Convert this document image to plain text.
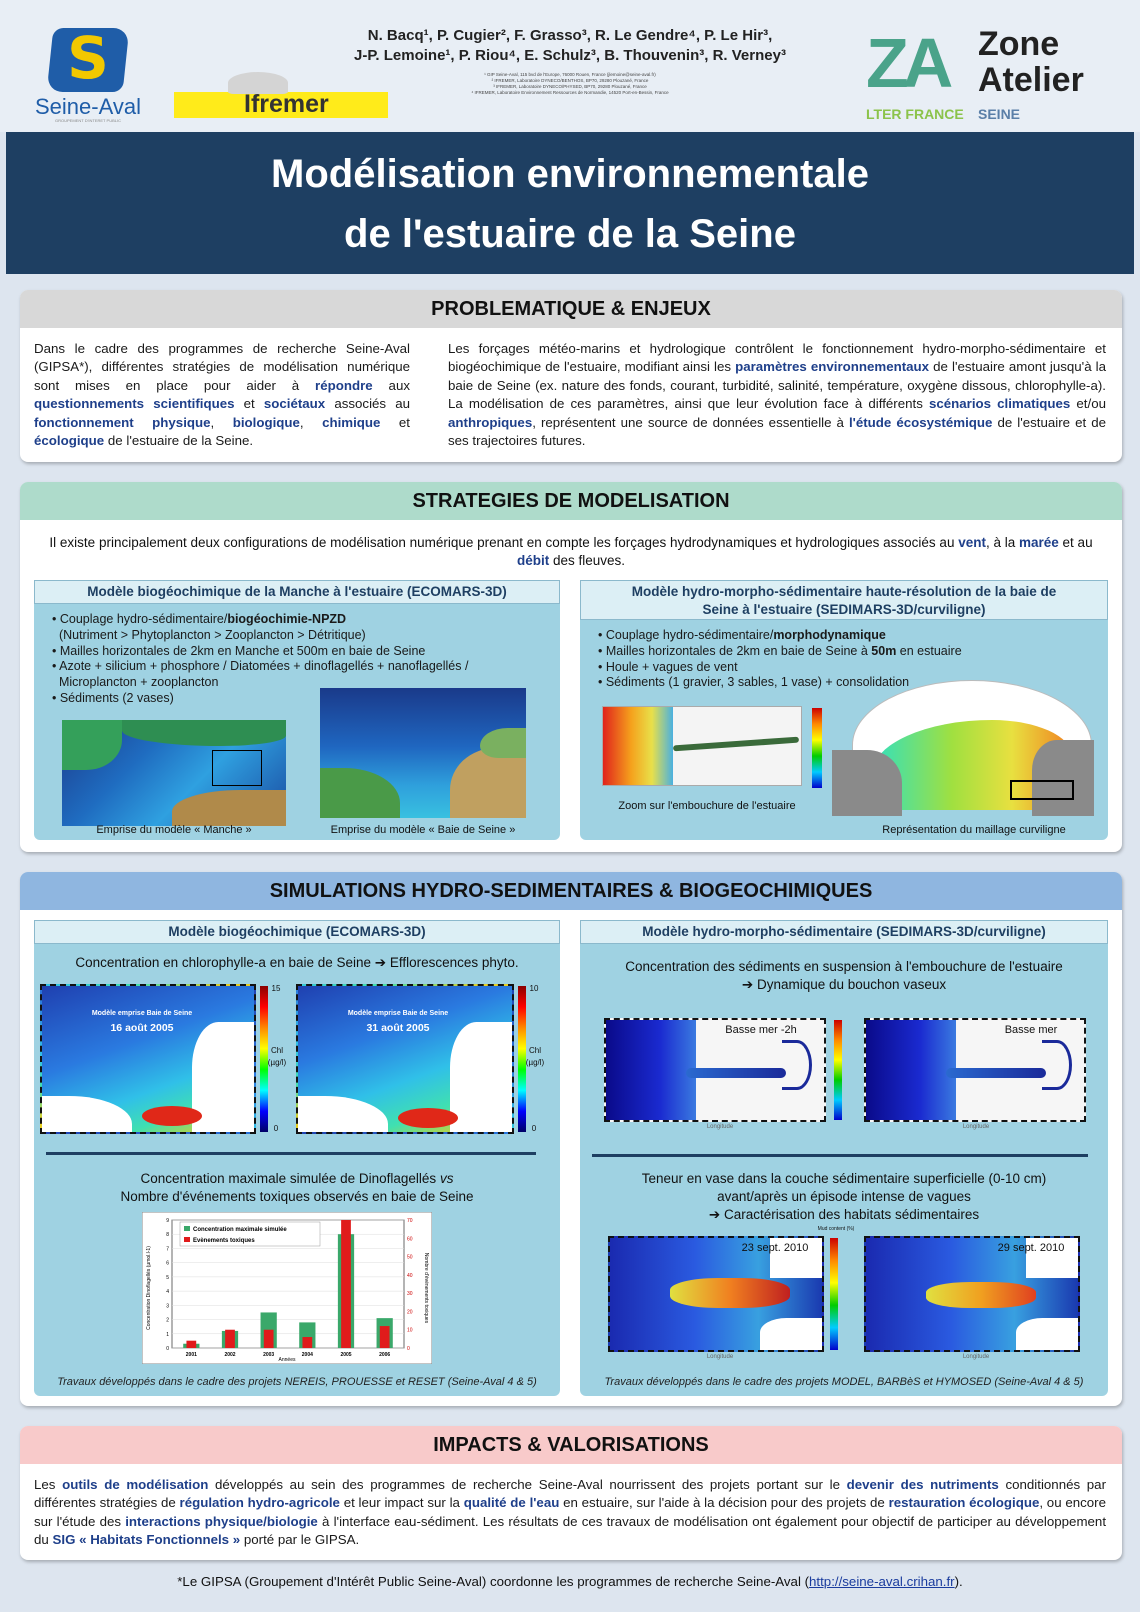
S
Seine-Aval
GROUPEMENT D'INTERET PUBLIC
Ifremer
N. Bacq¹, P. Cugier², F. Grasso³, R. Le Gendre⁴, P. Le Hir³,
J-P. Lemoine¹, P. Riou⁴, E. Schulz³, B. Thouvenin³, R. Verney³
¹ GIP Seine-Aval, 115 bvd de l'Europe, 76000 Rouen, France (jlemoine@seine-aval.fr)
² IFREMER, Laboratoire DYNECO/BENTHOS, BP70, 29280 Plouzané, France
³ IFREMER, Laboratoire DYNECO/PHYSED, BP70, 29280 Plouzané, France
⁴ IFREMER, Laboratoire Environnement Ressources de Normandie, 14520 Port-en-Bessin, France	ZA Zone
Atelier
LTER FRANCE SEINE
Modélisation environnementale
de l'estuaire de la Seine
PROBLEMATIQUE & ENJEUX
Dans le cadre des programmes de recherche Seine-Aval (GIPSA*), différentes stratégies de modélisation numérique sont mises en place pour aider à répondre aux questionnements scientifiques et sociétaux associés au fonctionnement physique, biologique, chimique et écologique de l'estuaire de la Seine.
Les forçages météo-marins et hydrologique contrôlent le fonctionnement hydro-morpho-sédimentaire et biogéochimique de l'estuaire, modifiant ainsi les paramètres environnementaux de l'estuaire amont jusqu'à la baie de Seine (ex. nature des fonds, courant, turbidité, salinité, température, oxygène dissous, chlorophylle-a). La modélisation de ces paramètres, ainsi que leur évolution face à différents scénarios climatiques et/ou anthropiques, représentent une source de données essentielle à l'étude écosystémique de l'estuaire et de ses trajectoires futures.
STRATEGIES DE MODELISATION
Il existe principalement deux configurations de modélisation numérique prenant en compte les forçages hydrodynamiques et hydrologiques associés au vent, à la marée et au débit des fleuves.
Modèle biogéochimique de la Manche à l'estuaire (ECOMARS-3D)
• Couplage hydro-sédimentaire/biogéochimie-NPZD
(Nutriment > Phytoplancton > Zooplancton > Détritique)
• Mailles horizontales de 2km en Manche et 500m en baie de Seine
• Azote + silicium + phosphore / Diatomées + dinoflagellés + nanoflagellés /
Microplancton + zooplancton
• Sédiments (2 vases)
Emprise du modèle « Manche »	Emprise du modèle « Baie de Seine »
Modèle hydro-morpho-sédimentaire haute-résolution de la baie de
Seine à l'estuaire (SEDIMARS-3D/curviligne)
• Couplage hydro-sédimentaire/morphodynamique
• Mailles horizontales de 2km en baie de Seine à 50m en estuaire
• Houle + vagues de vent
• Sédiments (1 gravier, 3 sables, 1 vase) + consolidation
Zoom sur l'embouchure de l'estuaire
Représentation du maillage curviligne
SIMULATIONS HYDRO-SEDIMENTAIRES & BIOGEOCHIMIQUES
Modèle biogéochimique (ECOMARS-3D)
Concentration en chlorophylle-a en baie de Seine ➔ Efflorescences phyto.
Modèle emprise Baie de Seine
16 août 2005
15
Chl
(µg/l)
0
Modèle emprise Baie de Seine
31 août 2005
10
Chl
(µg/l)
0
Concentration maximale simulée de Dinoflagellés vs
Nombre d'événements toxiques observés en baie de Seine
0
1
2
3
4
5
6
7
8
9
0
10
20
30
40
50
60
70
2001	2002	2003	2004	2005	2006
Concentration maximale simulée
Evènements toxiques
Années
Concentration Dinoflagellés (µmol.l-1)	Nombre d'événements toxiques
Travaux développés dans le cadre des projets NEREIS, PROUESSE et RESET (Seine-Aval 4 & 5)
Modèle hydro-morpho-sédimentaire (SEDIMARS-3D/curviligne)
Concentration des sédiments en suspension à l'embouchure de l'estuaire
➔ Dynamique du bouchon vaseux
Basse mer -2h	Basse mer
Longitude	Longitude
Teneur en vase dans la couche sédimentaire superficielle (0-10 cm)
avant/après un épisode intense de vagues
➔ Caractérisation des habitats sédimentaires
Mud content (%)
23 sept. 2010	29 sept. 2010
Longitude	Longitude
Travaux développés dans le cadre des projets MODEL, BARBèS et HYMOSED (Seine-Aval 4 & 5)
IMPACTS & VALORISATIONS
Les outils de modélisation développés au sein des programmes de recherche Seine-Aval nourrissent des projets portant sur le devenir des nutriments conditionnés par différentes stratégies de régulation hydro-agricole et leur impact sur la qualité de l'eau en estuaire, sur l'aide à la décision pour des projets de restauration écologique, ou encore sur l'étude des interactions physique/biologie à l'interface eau-sédiment. Les résultats de ces travaux de modélisation ont également pour objectif de participer au développement du SIG « Habitats Fonctionnels » porté par le GIPSA.
*Le GIPSA (Groupement d'Intérêt Public Seine-Aval) coordonne les programmes de recherche Seine-Aval (http://seine-aval.crihan.fr).
